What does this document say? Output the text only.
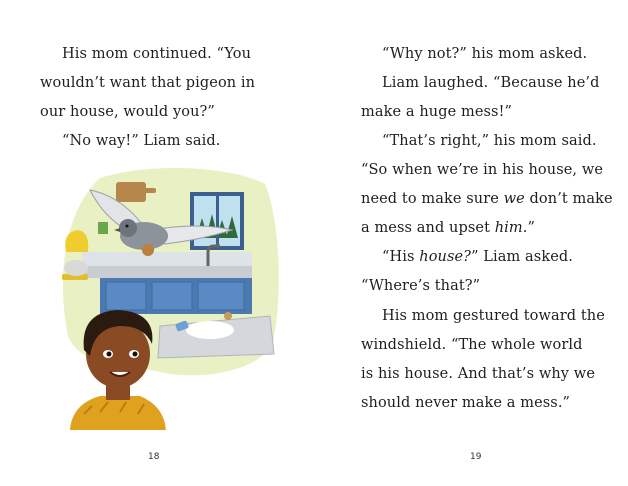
His mom continued. “You
wouldn’t want that pigeon in
our house, would you?”
“No way!” Liam said.
18
“Why not?” his mom asked.
Liam laughed. “Because he’d
make a huge mess!”
“That’s right,” his mom said.
“So when we’re in his house, we
need to make sure we don’t make
a mess and upset him.”
“His house?” Liam asked.
“Where’s that?”
His mom gestured toward the
windshield. “The whole world
is his house. And that’s why we
should never make a mess.”
19
